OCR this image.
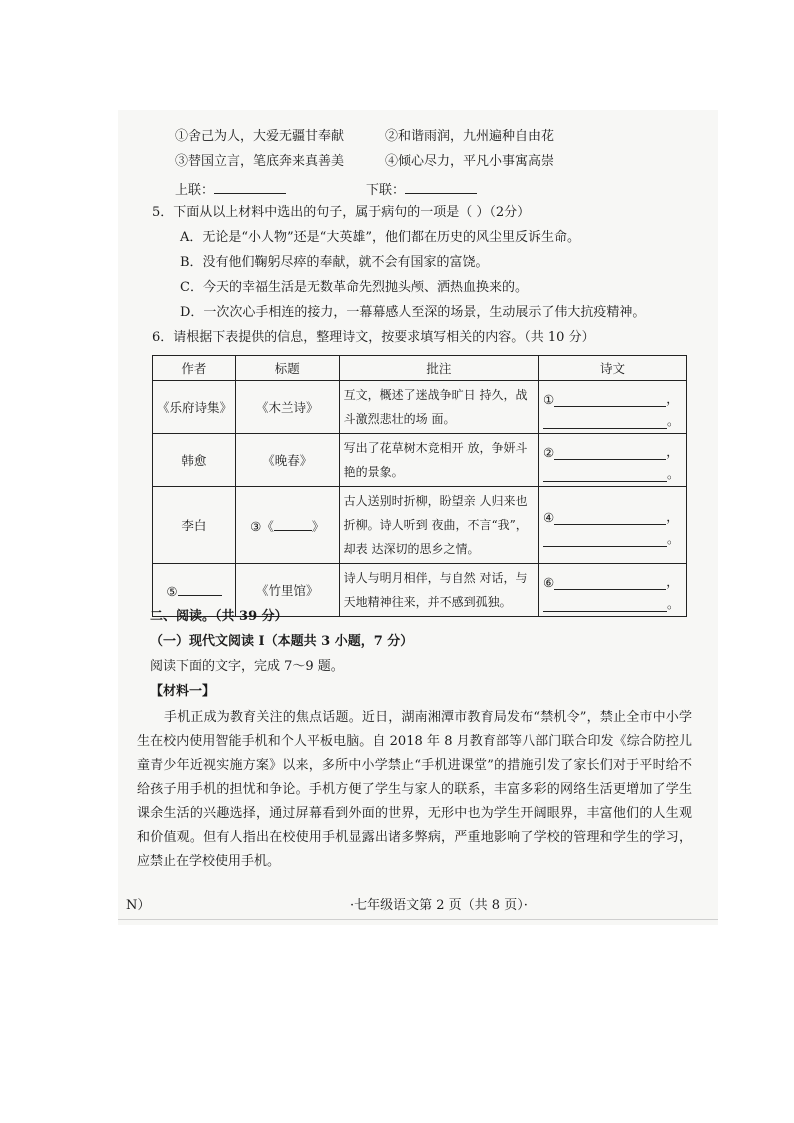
①舍己为人，大爱无疆甘奉献	②和谐雨润，九州遍种自由花
③替国立言，笔底奔来真善美	④倾心尽力，平凡小事寓高崇
上联：	下联：
5．下面从以上材料中选出的句子，属于病句的一项是（ ）（2分）
A．无论是“小人物”还是“大英雄”，他们都在历史的风尘里反诉生命。
B．没有他们鞠躬尽瘁的奉献，就不会有国家的富饶。
C．今天的幸福生活是无数革命先烈抛头颅、洒热血换来的。
D．一次次心手相连的接力，一幕幕感人至深的场景，生动展示了伟大抗疫精神。
6．请根据下表提供的信息，整理诗文，按要求填写相关的内容。（共 10 分）
作者	标题	批注	诗文
《乐府诗集》	《木兰诗》	互文，概述了迷战争旷日 持久，战斗激烈悲壮的场 面。	① ，
。

韩愈	《晚春》	写出了花草树木竞相开 放，争妍斗艳的景象。	② ，
。

李白	③《 》	古人送别时折柳，盼望亲 人归来也折柳。诗人听到 夜曲，不言“我”，却表 达深切的思乡之情。	④ ，
。

⑤	《竹里馆》	诗人与明月相伴，与自然 对话，与天地精神往来，并不感到孤独。	⑥ ，
。
二、阅读。（共 39 分）
（一）现代文阅读 Ⅰ（本题共 3 小题，7 分）
阅读下面的文字，完成 7～9 题。
【材料一】
手机正成为教育关注的焦点话题。近日，湖南湘潭市教育局发布“禁机令”，禁止全市中小学生在校内使用智能手机和个人平板电脑。自 2018 年 8 月教育部等八部门联合印发《综合防控儿童青少年近视实施方案》以来，多所中小学禁止“手机进课堂”的措施引发了家长们对于平时给不给孩子用手机的担忧和争论。手机方便了学生与家人的联系，丰富多彩的网络生活更增加了学生课余生活的兴趣选择，通过屏幕看到外面的世界，无形中也为学生开阔眼界，丰富他们的人生观和价值观。但有人指出在校使用手机显露出诸多弊病，严重地影响了学校的管理和学生的学习，应禁止在学校使用手机。
N）	·七年级语文第 2 页（共 8 页）·
